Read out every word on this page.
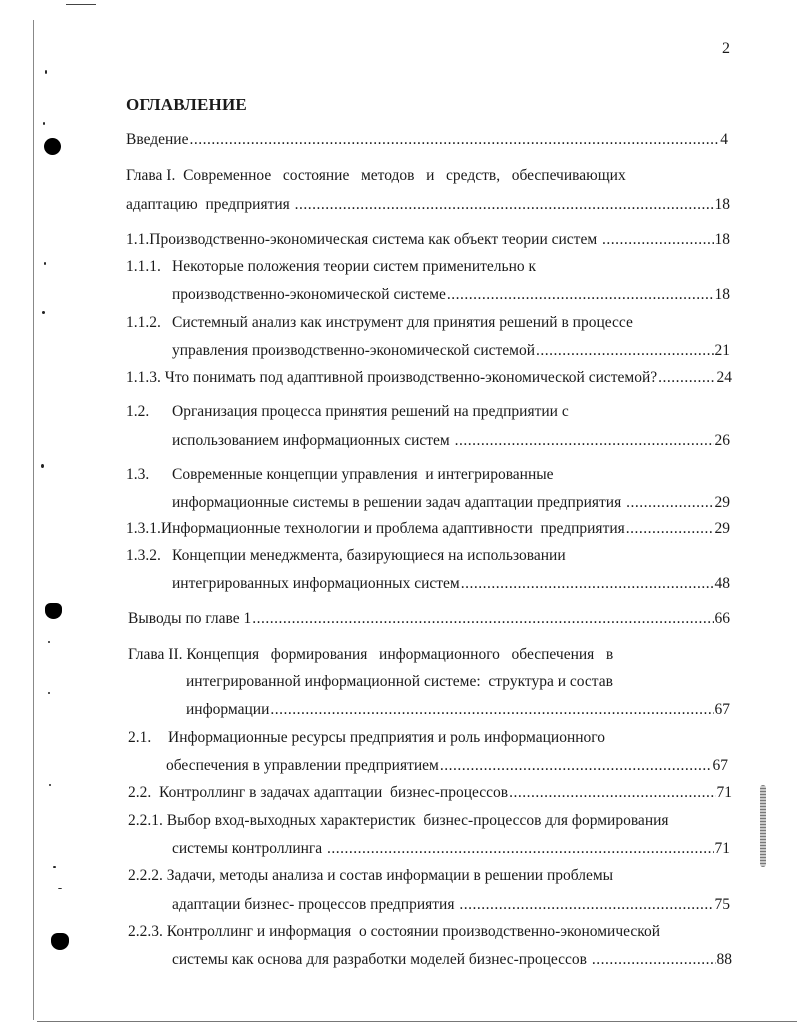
2
ОГЛАВЛЕНИЕ
Введение .....	4
Глава I.  Современное   состояние   методов   и   средств,   обеспечивающих
адаптацию  предприятия .....	18
1.1. Производственно-экономическая система как объект теории систем .....	18
1.1.1. Некоторые положения теории систем применительно к
производственно-экономической системе .....	18
1.1.2. Системный анализ как инструмент для принятия решений в процессе
управления производственно-экономической системой .....	21
1.1.3.
Что понимать под адаптивной производственно-экономической системой? .....	24
1.2.	Организация процесса принятия решений на предприятии с
использованием информационных систем .....	26
1.3.	Современные концепции управления  и интегрированные
информационные системы в решении задач адаптации предприятия .....	29
1.3.1. Информационные технологии и проблема адаптивности  предприятия .....	29
1.3.2. Концепции менеджмента, базирующиеся на использовании
интегрированных информационных систем .....	48
Выводы по главе 1 .....	66
Глава II.
Концепция   формирования   информационного   обеспечения   в
интегрированной информационной системе:  структура и состав
информации .....	67
2.1.	Информационные ресурсы предприятия и роль информационного
обеспечения в управлении предприятием .....	67
2.2.
Контроллинг в задачах адаптации  бизнес-процессов .....	71
2.2.1.
Выбор вход-выходных характеристик  бизнес-процессов для формирования
системы контроллинга .....	71
2.2.2.
Задачи, методы анализа и состав информации в решении проблемы
адаптации бизнес- процессов предприятия .....	75
2.2.3.
Контроллинг и информация  о состоянии производственно-экономической
системы как основа для разработки моделей бизнес-процессов .....	88
